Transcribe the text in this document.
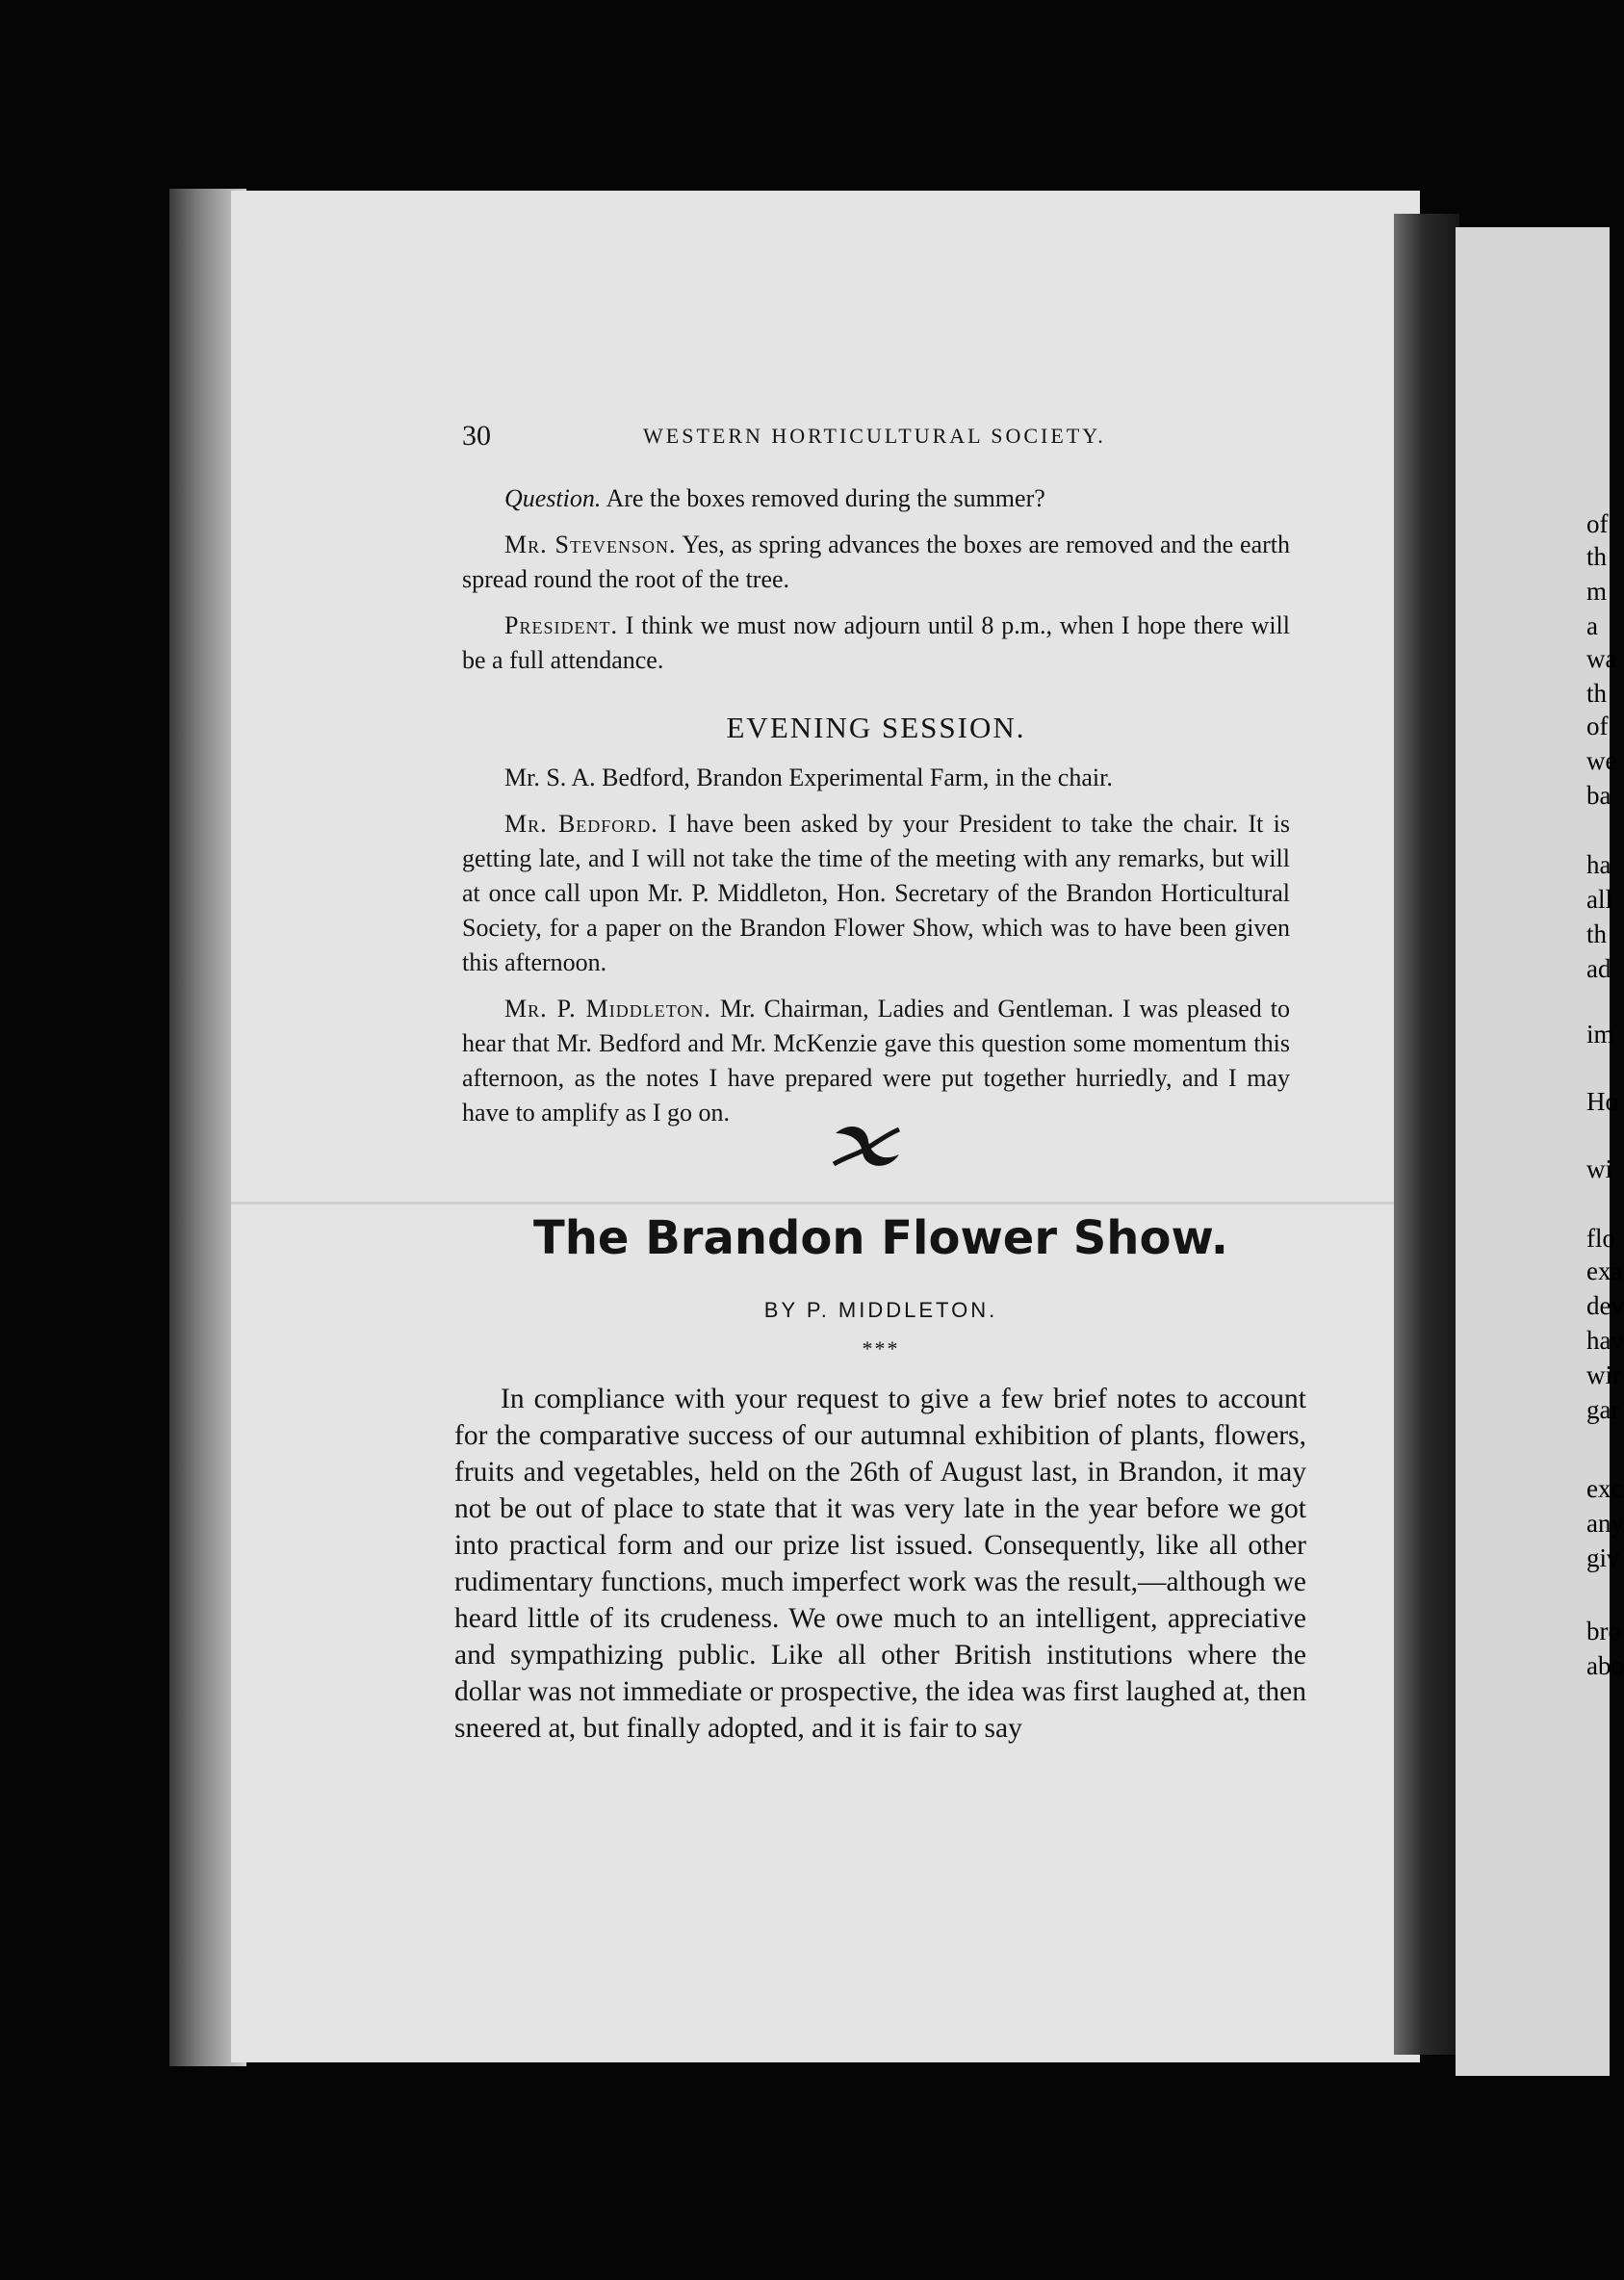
30	WESTERN HORTICULTURAL SOCIETY.

Question. Are the boxes removed during the summer?

Mr. Stevenson. Yes, as spring advances the boxes are removed and the earth spread round the root of the tree.

President. I think we must now adjourn until 8 p.m., when I hope there will be a full attendance.

EVENING SESSION.

Mr. S. A. Bedford, Brandon Experimental Farm, in the chair.

Mr. Bedford. I have been asked by your President to take the chair. It is getting late, and I will not take the time of the meeting with any remarks, but will at once call upon Mr. P. Middleton, Hon. Secretary of the Brandon Horticultural Society, for a paper on the Brandon Flower Show, which was to have been given this afternoon.

Mr. P. Middleton. Mr. Chairman, Ladies and Gentleman. I was pleased to hear that Mr. Bedford and Mr. McKenzie gave this question some momentum this afternoon, as the notes I have prepared were put together hurriedly, and I may have to amplify as I go on.

The Brandon Flower Show.
BY P. MIDDLETON.
***

In compliance with your request to give a few brief notes to account for the comparative success of our autumnal exhibition of plants, flowers, fruits and vegetables, held on the 26th of August last, in Brandon, it may not be out of place to state that it was very late in the year before we got into practical form and our prize list issued. Consequently, like all other rudimentary functions, much imperfect work was the result,—although we heard little of its crudeness. We owe much to an intelligent, appreciative and sympathizing public. Like all other British institutions where the dollar was not immediate or prospective, the idea was first laughed at, then sneered at, but finally adopted, and it is fair to say

of
th
m
a
wa
th
of
we
ba
ha
all
th
ad
im
Ho
wi
flo
exa
dev
hav
wir
gar
exc
any
giv
bro
abo
